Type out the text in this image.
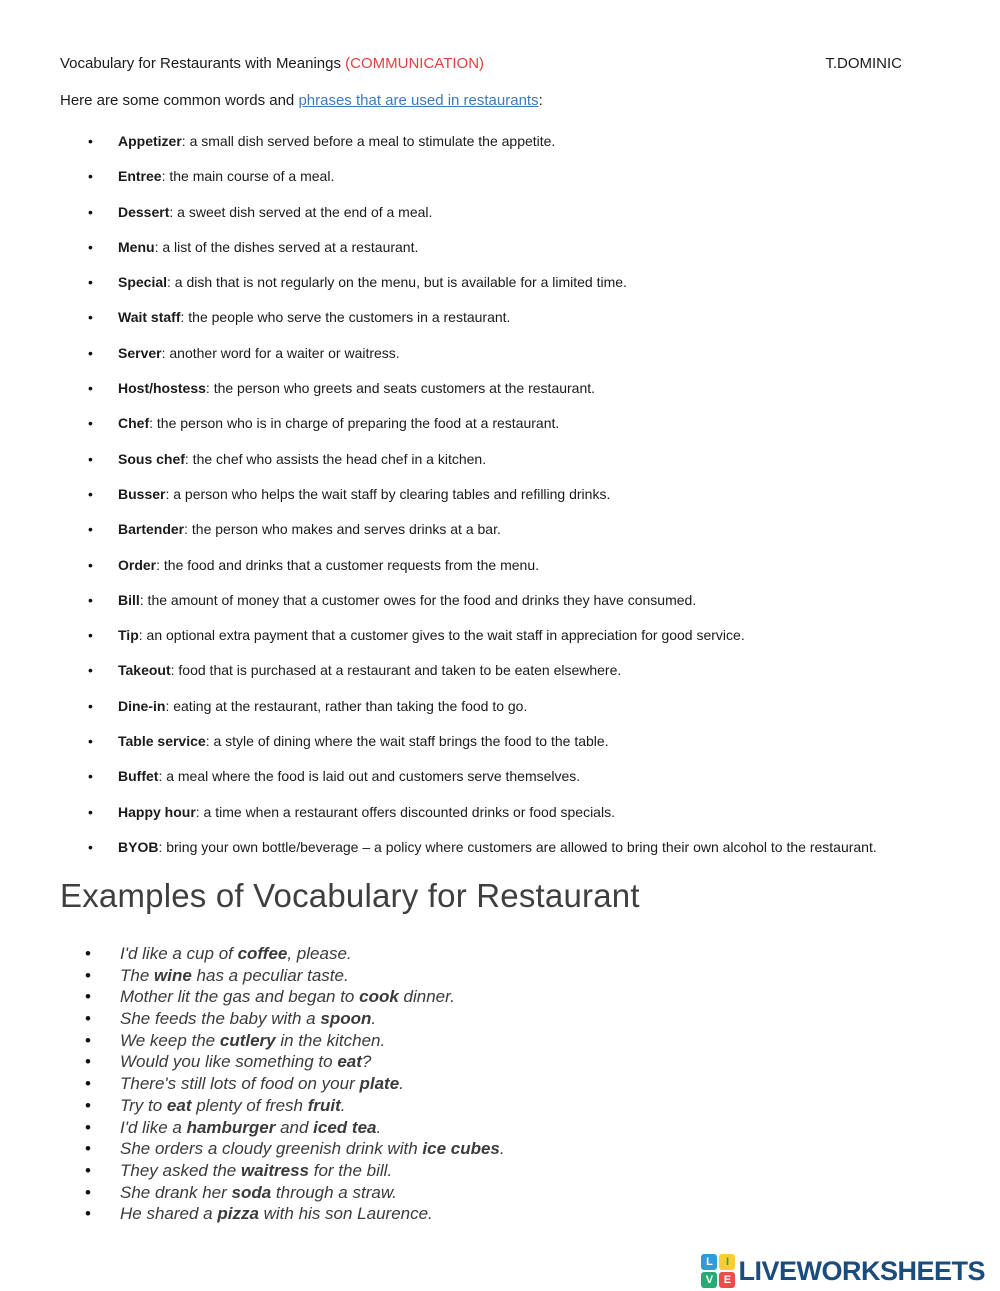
Vocabulary for Restaurants with Meanings (COMMUNICATION)	T.DOMINIC

Here are some common words and phrases that are used in restaurants:

•	Appetizer: a small dish served before a meal to stimulate the appetite.
•	Entree: the main course of a meal.
•	Dessert: a sweet dish served at the end of a meal.
•	Menu: a list of the dishes served at a restaurant.
•	Special: a dish that is not regularly on the menu, but is available for a limited time.
•	Wait staff: the people who serve the customers in a restaurant.
•	Server: another word for a waiter or waitress.
•	Host/hostess: the person who greets and seats customers at the restaurant.
•	Chef: the person who is in charge of preparing the food at a restaurant.
•	Sous chef: the chef who assists the head chef in a kitchen.
•	Busser: a person who helps the wait staff by clearing tables and refilling drinks.
•	Bartender: the person who makes and serves drinks at a bar.
•	Order: the food and drinks that a customer requests from the menu.
•	Bill: the amount of money that a customer owes for the food and drinks they have consumed.
•	Tip: an optional extra payment that a customer gives to the wait staff in appreciation for good service.
•	Takeout: food that is purchased at a restaurant and taken to be eaten elsewhere.
•	Dine-in: eating at the restaurant, rather than taking the food to go.
•	Table service: a style of dining where the wait staff brings the food to the table.
•	Buffet: a meal where the food is laid out and customers serve themselves.
•	Happy hour: a time when a restaurant offers discounted drinks or food specials.
•	BYOB: bring your own bottle/beverage – a policy where customers are allowed to bring their own alcohol to the restaurant.
Examples of Vocabulary for Restaurant
•	I'd like a cup of coffee, please.
•	The wine has a peculiar taste.
•	Mother lit the gas and began to cook dinner.
•	She feeds the baby with a spoon.
•	We keep the cutlery in the kitchen.
•	Would you like something to eat?
•	There's still lots of food on your plate.
•	Try to eat plenty of fresh fruit.
•	I'd like a hamburger and iced tea.
•	She orders a cloudy greenish drink with ice cubes.
•	They asked the waitress for the bill.
•	She drank her soda through a straw.
•	He shared a pizza with his son Laurence.
L	I
V E LIVEWORKSHEETS
